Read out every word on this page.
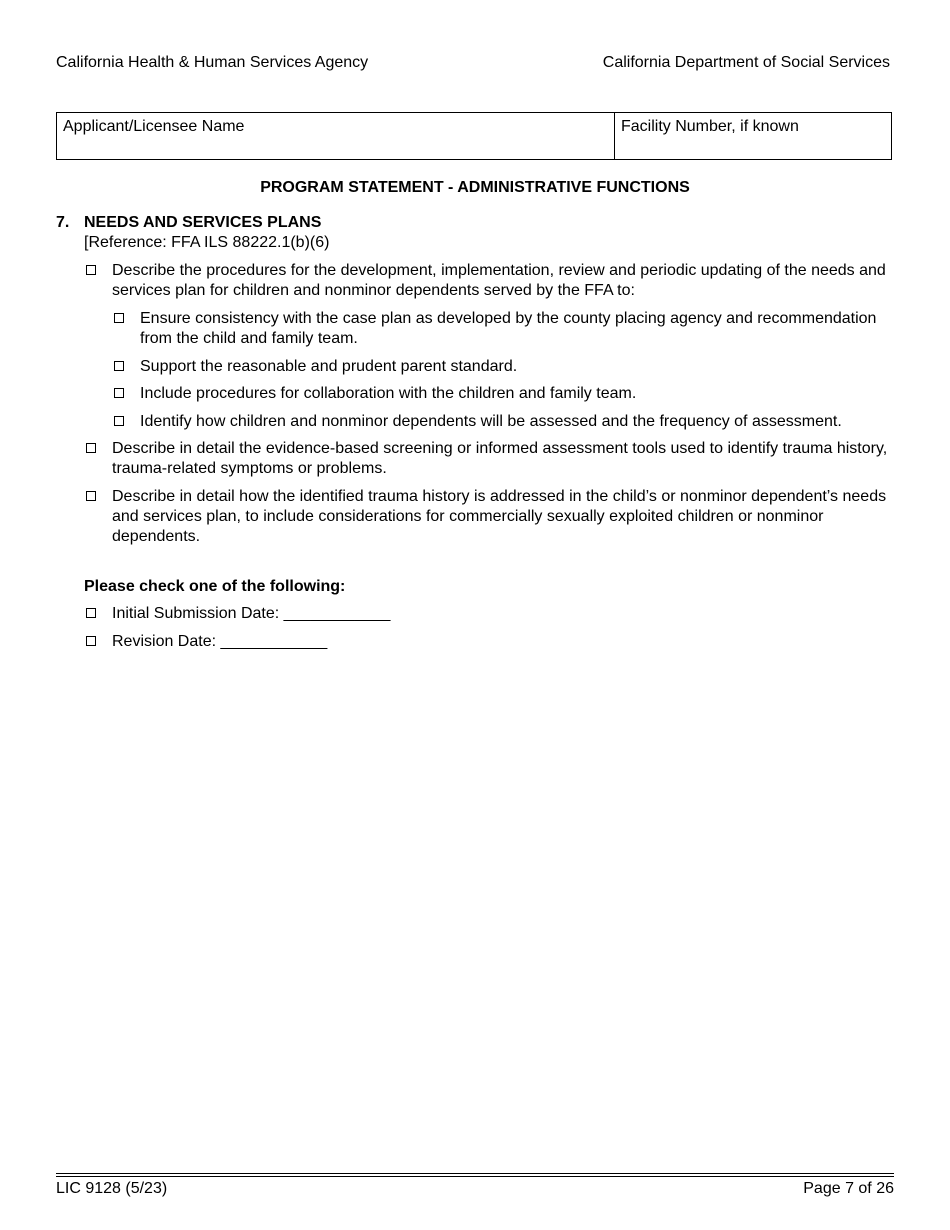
California Health & Human Services Agency	California Department of Social Services
Applicant/Licensee Name	Facility Number, if known
PROGRAM STATEMENT - ADMINISTRATIVE FUNCTIONS
7. NEEDS AND SERVICES PLANS
[Reference: FFA ILS 88222.1(b)(6)
Describe the procedures for the development, implementation, review and periodic updating of the needs and services plan for children and nonminor dependents served by the FFA to:
Ensure consistency with the case plan as developed by the county placing agency and recommendation from the child and family team.
Support the reasonable and prudent parent standard.
Include procedures for collaboration with the children and family team.
Identify how children and nonminor dependents will be assessed and the frequency of assessment.
Describe in detail the evidence-based screening or informed assessment tools used to identify trauma history, trauma-related symptoms or problems.
Describe in detail how the identified trauma history is addressed in the child’s or nonminor dependent’s needs and services plan, to include considerations for commercially sexually exploited children or nonminor dependents.
Please check one of the following:
Initial Submission Date: ____________
Revision Date: ____________
LIC 9128 (5/23)	Page 7 of 26
